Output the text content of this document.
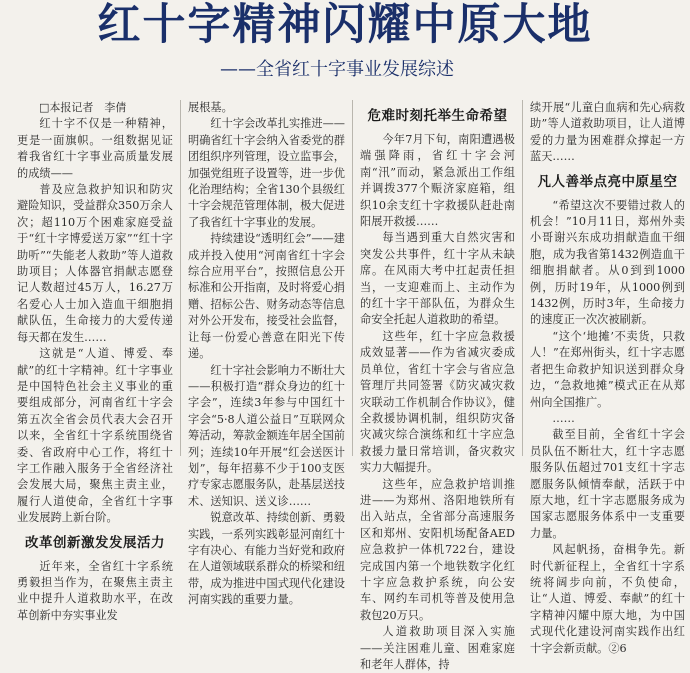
红十字精神闪耀中原大地
——全省红十字事业发展综述

□本报记者　李倩

红十字不仅是一种精神，更是一面旗帜。一组数据见证着我省红十字事业高质量发展的成绩——

普及应急救护知识和防灾避险知识，受益群众350万余人次；超110万个困难家庭受益于“红十字博爱送万家”“红十字助听”“失能老人救助”等人道救助项目；人体器官捐献志愿登记人数超过45万人，16.27万名爱心人士加入造血干细胞捐献队伍，生命接力的大爱传递每天都在发生……

这就是“人道、博爱、奉献”的红十字精神。红十字事业是中国特色社会主义事业的重要组成部分，河南省红十字会第五次全省会员代表大会召开以来，全省红十字系统围绕省委、省政府中心工作，将红十字工作融入服务于全省经济社会发展大局，聚焦主责主业，履行人道使命，全省红十字事业发展跨上新台阶。

改革创新激发发展活力

近年来，全省红十字系统勇毅担当作为，在聚焦主责主业中提升人道救助水平，在改革创新中夯实事业发

展根基。

红十字会改革扎实推进——明确省红十字会纳入省委党的群团组织序列管理，设立监事会，加强党组班子设置等，进一步优化治理结构；全省130个县级红十字会规范管理体制，极大促进了我省红十字事业的发展。

持续建设“透明红会”——建成并投入使用“河南省红十字会综合应用平台”，按照信息公开标准和公开指南，及时将爱心捐赠、招标公告、财务动态等信息对外公开发布，接受社会监督，让每一份爱心善意在阳光下传递。

红十字社会影响力不断壮大——积极打造“群众身边的红十字会”，连续3年参与中国红十字会“5·8人道公益日”互联网众筹活动，筹款金额连年居全国前列；连续10年开展“红会送医计划”，每年招募不少于100支医疗专家志愿服务队，赴基层送技术、送知识、送义诊……

锐意改革、持续创新、勇毅实践，一系列实践彰显河南红十字有决心、有能力当好党和政府在人道领域联系群众的桥梁和纽带，成为推进中国式现代化建设河南实践的重要力量。

危难时刻托举生命希望

今年7月下旬，南阳遭遇极端强降雨，省红十字会河南“汛”而动，紧急派出工作组并调拨377个赈济家庭箱，组织10余支红十字救援队赶赴南阳展开救援……

每当遇到重大自然灾害和突发公共事件，红十字从未缺席。在风雨大考中扛起责任担当，一支迎难而上、主动作为的红十字干部队伍，为群众生命安全托起人道救助的希望。

这些年，红十字应急救援成效显著——作为省减灾委成员单位，省红十字会与省应急管理厅共同签署《防灾减灾救灾联动工作机制合作协议》，健全救援协调机制，组织防灾备灾减灾综合演练和红十字应急救援力量日常培训，备灾救灾实力大幅提升。

这些年，应急救护培训推进——为郑州、洛阳地铁所有出入站点，全省部分高速服务区和郑州、安阳机场配备AED应急救护一体机722台，建设完成国内第一个地铁数字化红十字应急救护系统，向公安车、网约车司机等普及使用急救包20万只。

人道救助项目深入实施——关注困难儿童、困难家庭和老年人群体，持

续开展“儿童白血病和先心病救助”等人道救助项目，让人道博爱的力量为困难群众撑起一方蓝天……

凡人善举点亮中原星空

“希望这次不要错过救人的机会！”10月11日，郑州外卖小哥谢兴东成功捐献造血干细胞，成为我省第1432例造血干细胞捐献者。从0到到1000例，历时19年，从1000例到1432例，历时3年，生命接力的速度正一次次被刷新。

“这个‘地摊’不卖货，只救人！”在郑州街头，红十字志愿者把生命救护知识送到群众身边，“急救地摊”模式正在从郑州向全国推广。

……

截至目前，全省红十字会员队伍不断壮大，红十字志愿服务队伍超过701支红十字志愿服务队倾情奉献，活跃于中原大地，红十字志愿服务成为国家志愿服务体系中一支重要力量。

风起帆扬，奋楫争先。新时代新征程上，全省红十字系统将阔步向前，不负使命，让“人道、博爱、奉献”的红十字精神闪耀中原大地，为中国式现代化建设河南实践作出红十字会新贡献。②6
